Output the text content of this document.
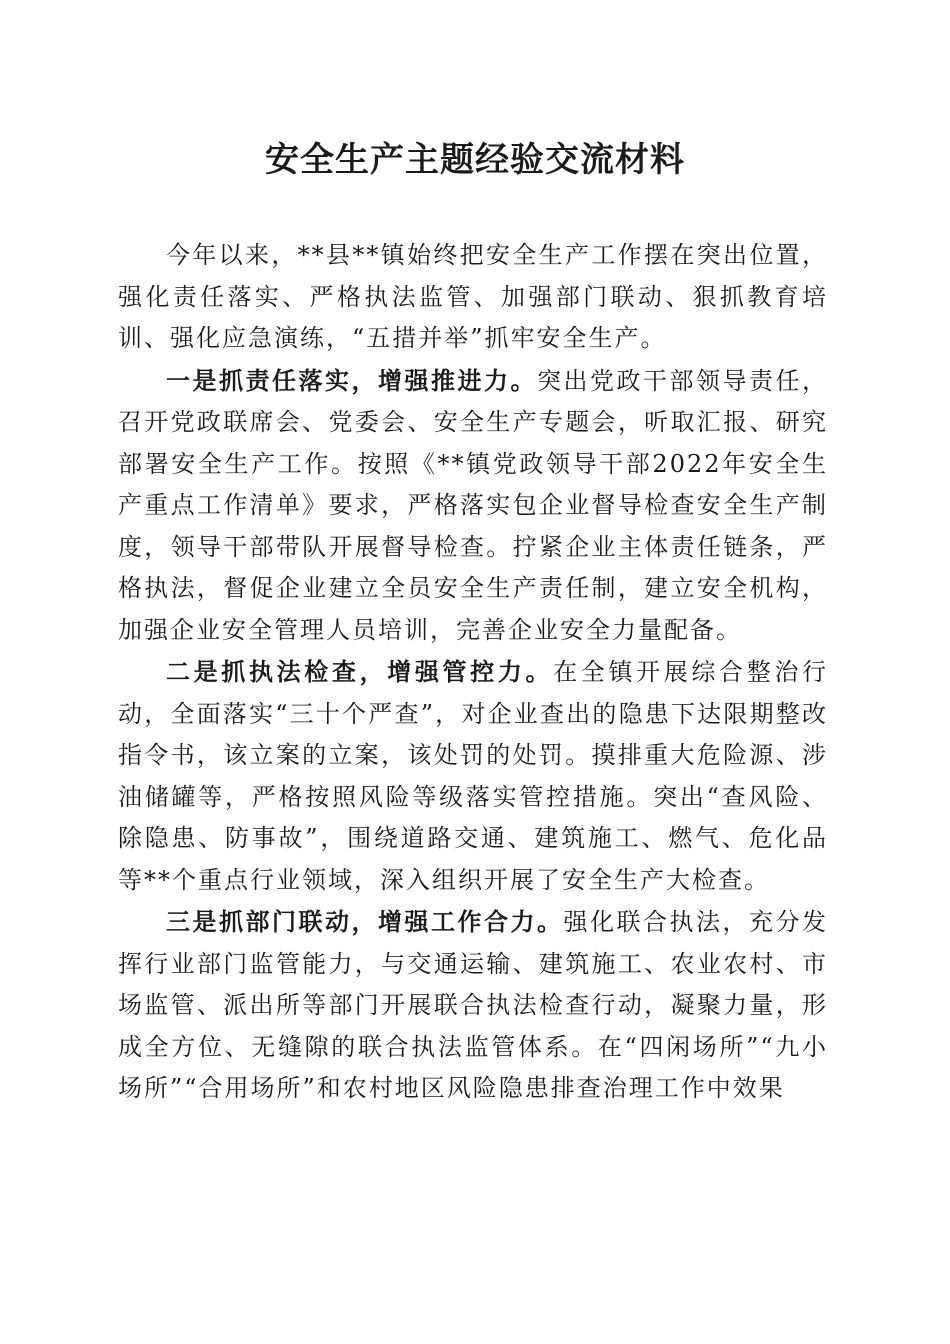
安全生产主题经验交流材料

今年以来，**县**镇始终把安全生产工作摆在突出位置，强化责任落实、严格执法监管、加强部门联动、狠抓教育培训、强化应急演练，“五措并举”抓牢安全生产。

一是抓责任落实，增强推进力。突出党政干部领导责任，召开党政联席会、党委会、安全生产专题会，听取汇报、研究部署安全生产工作。按照《**镇党政领导干部2022年安全生产重点工作清单》要求，严格落实包企业督导检查安全生产制度，领导干部带队开展督导检查。拧紧企业主体责任链条，严格执法，督促企业建立全员安全生产责任制，建立安全机构，加强企业安全管理人员培训，完善企业安全力量配备。

二是抓执法检查，增强管控力。在全镇开展综合整治行动，全面落实“三十个严查”，对企业查出的隐患下达限期整改指令书，该立案的立案，该处罚的处罚。摸排重大危险源、涉油储罐等，严格按照风险等级落实管控措施。突出“查风险、除隐患、防事故”，围绕道路交通、建筑施工、燃气、危化品等**个重点行业领域，深入组织开展了安全生产大检查。

三是抓部门联动，增强工作合力。强化联合执法，充分发挥行业部门监管能力，与交通运输、建筑施工、农业农村、市场监管、派出所等部门开展联合执法检查行动，凝聚力量，形成全方位、无缝隙的联合执法监管体系。在“四闲场所”“九小场所”“合用场所”和农村地区风险隐患排查治理工作中效果
